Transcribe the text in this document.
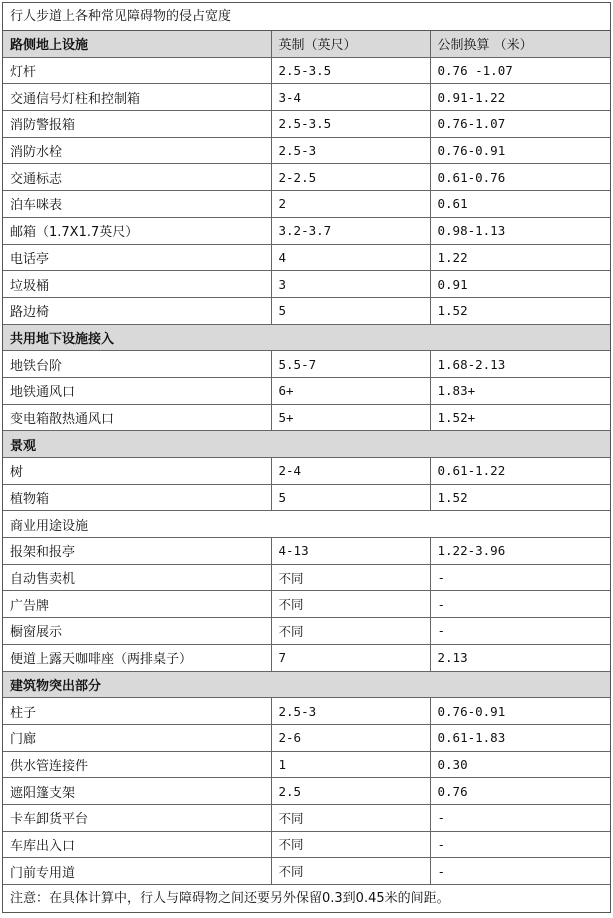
行人步道上各种常见障碍物的侵占宽度
路侧地上设施	英制（英尺）	公制换算 （米）
灯杆	2.5-3.5	0.76 -1.07
交通信号灯柱和控制箱	3-4	0.91-1.22
消防警报箱	2.5-3.5	0.76-1.07
消防水栓	2.5-3	0.76-0.91
交通标志	2-2.5	0.61-0.76
泊车咪表	2	0.61
邮箱（1.7X1.7英尺）	3.2-3.7	0.98-1.13
电话亭	4	1.22
垃圾桶	3	0.91
路边椅	5	1.52
共用地下设施接入		
地铁台阶	5.5-7	1.68-2.13
地铁通风口	6+	1.83+
变电箱散热通风口	5+	1.52+
景观		
树	2-4	0.61-1.22
植物箱	5	1.52
商业用途设施		
报架和报亭	4-13	1.22-3.96
自动售卖机	不同	-
广告牌	不同	-
橱窗展示	不同	-
便道上露天咖啡座（两排桌子）	7	2.13
建筑物突出部分		
柱子	2.5-3	0.76-0.91
门廊	2-6	0.61-1.83
供水管连接件	1	0.30
遮阳篷支架	2.5	0.76
卡车卸货平台	不同	-
车库出入口	不同	-
门前专用道	不同	-
注意：在具体计算中，行人与障碍物之间还要另外保留0.3到0.45米的间距。
